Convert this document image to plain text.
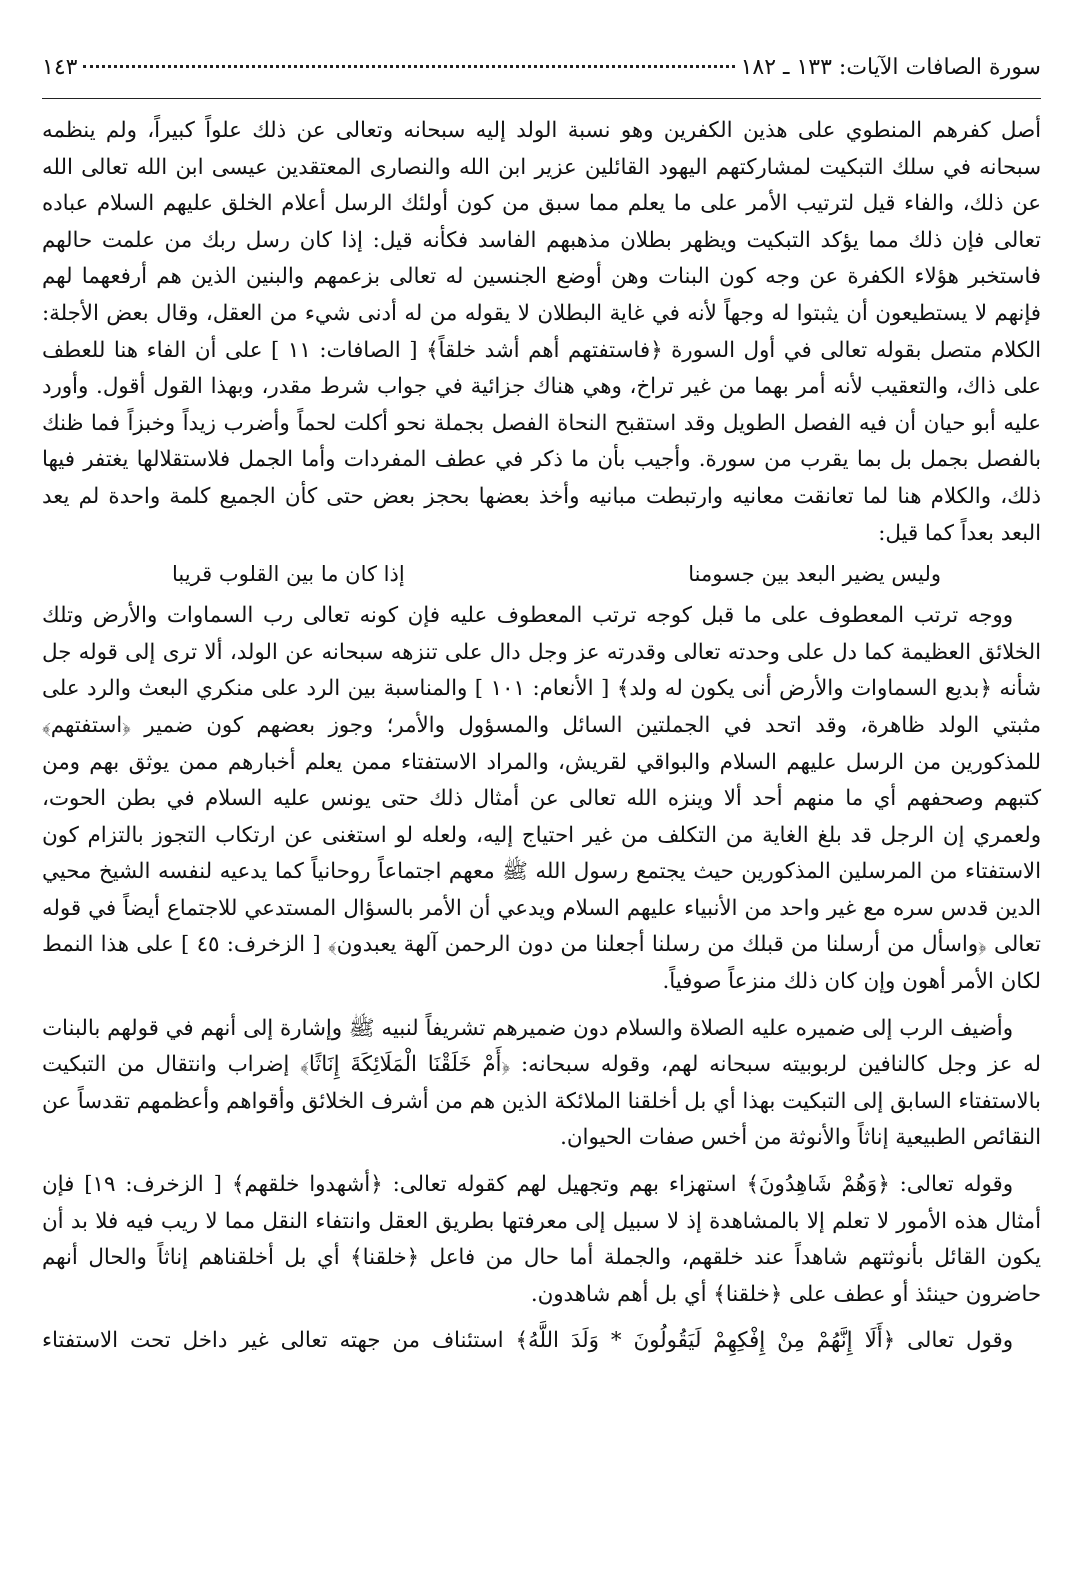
سورة الصافات الآيات: ١٣٣ ـ ١٨٢
١٤٣

أصل كفرهم المنطوي على هذين الكفرين وهو نسبة الولد إليه سبحانه وتعالى عن ذلك علواً كبيراً، ولم ينظمه سبحانه في سلك التبكيت لمشاركتهم اليهود القائلين عزير ابن الله والنصارى المعتقدين عيسى ابن الله تعالى الله عن ذلك، والفاء قيل لترتيب الأمر على ما يعلم مما سبق من كون أولئك الرسل أعلام الخلق عليهم السلام عباده تعالى فإن ذلك مما يؤكد التبكيت ويظهر بطلان مذهبهم الفاسد فكأنه قيل: إذا كان رسل ربك من علمت حالهم فاستخبر هؤلاء الكفرة عن وجه كون البنات وهن أوضع الجنسين له تعالى بزعمهم والبنين الذين هم أرفعهما لهم فإنهم لا يستطيعون أن يثبتوا له وجهاً لأنه في غاية البطلان لا يقوله من له أدنى شيء من العقل، وقال بعض الأجلة: الكلام متصل بقوله تعالى في أول السورة ﴿فاستفتهم أهم أشد خلقاً﴾ [ الصافات: ١١ ] على أن الفاء هنا للعطف على ذاك، والتعقيب لأنه أمر بهما من غير تراخ، وهي هناك جزائية في جواب شرط مقدر، وبهذا القول أقول. وأورد عليه أبو حيان أن فيه الفصل الطويل وقد استقبح النحاة الفصل بجملة نحو أكلت لحماً وأضرب زيداً وخبزاً فما ظنك بالفصل بجمل بل بما يقرب من سورة. وأجيب بأن ما ذكر في عطف المفردات وأما الجمل فلاستقلالها يغتفر فيها ذلك، والكلام هنا لما تعانقت معانيه وارتبطت مبانيه وأخذ بعضها بحجز بعض حتى كأن الجميع كلمة واحدة لم يعد البعد بعداً كما قيل:

وليس يضير البعد بين جسومنا
إذا كان ما بين القلوب قريبا

ووجه ترتب المعطوف على ما قبل كوجه ترتب المعطوف عليه فإن كونه تعالى رب السماوات والأرض وتلك الخلائق العظيمة كما دل على وحدته تعالى وقدرته عز وجل دال على تنزهه سبحانه عن الولد، ألا ترى إلى قوله جل شأنه ﴿بديع السماوات والأرض أنى يكون له ولد﴾ [ الأنعام: ١٠١ ] والمناسبة بين الرد على منكري البعث والرد على مثبتي الولد ظاهرة، وقد اتحد في الجملتين السائل والمسؤول والأمر؛ وجوز بعضهم كون ضمير ﴿استفتهم﴾ للمذكورين من الرسل عليهم السلام والبواقي لقريش، والمراد الاستفتاء ممن يعلم أخبارهم ممن يوثق بهم ومن كتبهم وصحفهم أي ما منهم أحد ألا وينزه الله تعالى عن أمثال ذلك حتى يونس عليه السلام في بطن الحوت، ولعمري إن الرجل قد بلغ الغاية من التكلف من غير احتياج إليه، ولعله لو استغنى عن ارتكاب التجوز بالتزام كون الاستفتاء من المرسلين المذكورين حيث يجتمع رسول الله ﷺ معهم اجتماعاً روحانياً كما يدعيه لنفسه الشيخ محيي الدين قدس سره مع غير واحد من الأنبياء عليهم السلام ويدعي أن الأمر بالسؤال المستدعي للاجتماع أيضاً في قوله تعالى ﴿واسأل من أرسلنا من قبلك من رسلنا أجعلنا من دون الرحمن آلهة يعبدون﴾ [ الزخرف: ٤٥ ] على هذا النمط لكان الأمر أهون وإن كان ذلك منزعاً صوفياً.

وأضيف الرب إلى ضميره عليه الصلاة والسلام دون ضميرهم تشريفاً لنبيه ﷺ وإشارة إلى أنهم في قولهم بالبنات له عز وجل كالنافين لربوبيته سبحانه لهم، وقوله سبحانه: ﴿أَمْ خَلَقْنَا الْمَلَائِكَةَ إِنَاثًا﴾ إضراب وانتقال من التبكيت بالاستفتاء السابق إلى التبكيت بهذا أي بل أخلقنا الملائكة الذين هم من أشرف الخلائق وأقواهم وأعظمهم تقدساً عن النقائص الطبيعية إناثاً والأنوثة من أخس صفات الحيوان.

وقوله تعالى: ﴿وَهُمْ شَاهِدُونَ﴾ استهزاء بهم وتجهيل لهم كقوله تعالى: ﴿أشهدوا خلقهم﴾ [ الزخرف: ١٩] فإن أمثال هذه الأمور لا تعلم إلا بالمشاهدة إذ لا سبيل إلى معرفتها بطريق العقل وانتفاء النقل مما لا ريب فيه فلا بد أن يكون القائل بأنوثتهم شاهداً عند خلقهم، والجملة أما حال من فاعل ﴿خلقنا﴾ أي بل أخلقناهم إناثاً والحال أنهم حاضرون حينئذ أو عطف على ﴿خلقنا﴾ أي بل أهم شاهدون.

وقول تعالى ﴿أَلَا إِنَّهُمْ مِنْ إِفْكِهِمْ لَيَقُولُونَ * وَلَدَ اللَّهُ﴾ استئناف من جهته تعالى غير داخل تحت الاستفتاء
